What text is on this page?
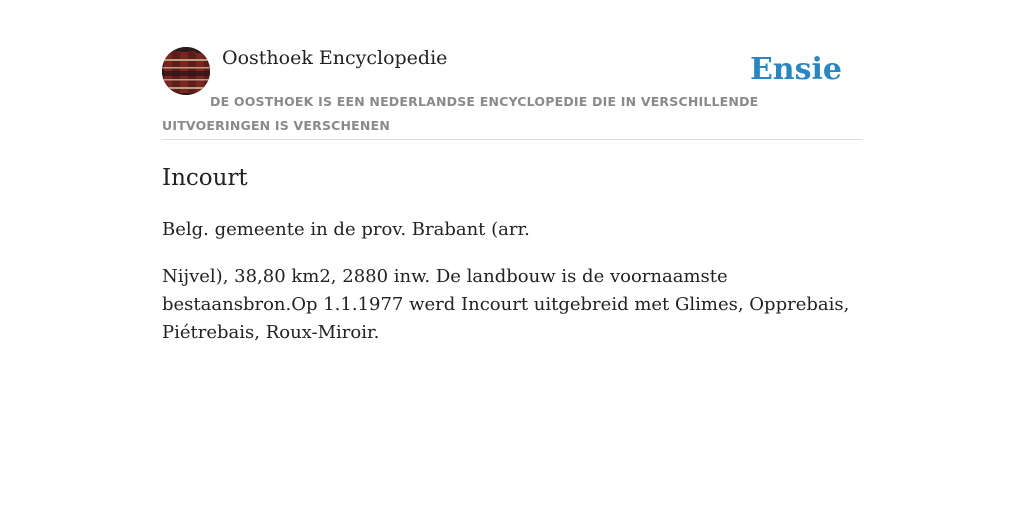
Oosthoek Encyclopedie	Ensie
DE OOSTHOEK IS EEN NEDERLANDSE ENCYCLOPEDIE DIE IN VERSCHILLENDE UITVOERINGEN IS VERSCHENEN
Incourt

Belg. gemeente in de prov. Brabant (arr.

Nijvel), 38,80 km2, 2880 inw. De landbouw is de voornaamste bestaansbron.Op 1.1.1977 werd Incourt uitgebreid met Glimes, Opprebais, Piétrebais, Roux-Miroir.
